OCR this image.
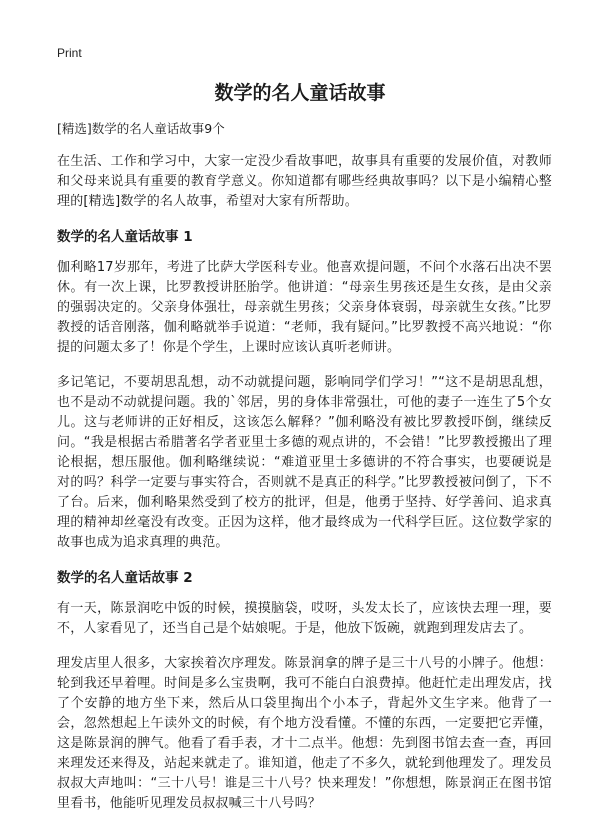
Print
数学的名人童话故事
[精选]数学的名人童话故事9个

在生活、工作和学习中，大家一定没少看故事吧，故事具有重要的发展价值，对教师和父母来说具有重要的教育学意义。你知道都有哪些经典故事吗？以下是小编精心整理的[精选]数学的名人故事，希望对大家有所帮助。

数学的名人童话故事 1

伽利略17岁那年，考进了比萨大学医科专业。他喜欢提问题，不问个水落石出决不罢休。有一次上课，比罗教授讲胚胎学。他讲道：“母亲生男孩还是生女孩，是由父亲的强弱决定的。父亲身体强壮，母亲就生男孩；父亲身体衰弱，母亲就生女孩。”比罗教授的话音刚落，伽利略就举手说道：“老师，我有疑问。”比罗教授不高兴地说：“你提的问题太多了！你是个学生，上课时应该认真听老师讲。

多记笔记，不要胡思乱想，动不动就提问题，影响同学们学习！”“这不是胡思乱想，也不是动不动就提问题。我的`邻居，男的身体非常强壮，可他的妻子一连生了5个女儿。这与老师讲的正好相反，这该怎么解释？”伽利略没有被比罗教授吓倒，继续反问。“我是根据古希腊著名学者亚里士多德的观点讲的，不会错！”比罗教授搬出了理论根据，想压服他。伽利略继续说：“难道亚里士多德讲的不符合事实，也要硬说是对的吗？科学一定要与事实符合，否则就不是真正的科学。”比罗教授被问倒了，下不了台。后来，伽利略果然受到了校方的批评，但是，他勇于坚持、好学善问、追求真理的精神却丝毫没有改变。正因为这样，他才最终成为一代科学巨匠。这位数学家的故事也成为追求真理的典范。

数学的名人童话故事 2

有一天，陈景润吃中饭的时候，摸摸脑袋，哎呀，头发太长了，应该快去理一理，要不，人家看见了，还当自己是个姑娘呢。于是，他放下饭碗，就跑到理发店去了。

理发店里人很多，大家挨着次序理发。陈景润拿的牌子是三十八号的小牌子。他想：轮到我还早着哩。时间是多么宝贵啊，我可不能白白浪费掉。他赶忙走出理发店，找了个安静的地方坐下来，然后从口袋里掏出个小本子，背起外文生字来。他背了一会，忽然想起上午读外文的时候，有个地方没看懂。不懂的东西，一定要把它弄懂，这是陈景润的脾气。他看了看手表，才十二点半。他想：先到图书馆去查一查，再回来理发还来得及，站起来就走了。谁知道，他走了不多久，就轮到他理发了。理发员叔叔大声地叫：“三十八号！谁是三十八号？快来理发！”你想想，陈景润正在图书馆里看书，他能听见理发员叔叔喊三十八号吗？
